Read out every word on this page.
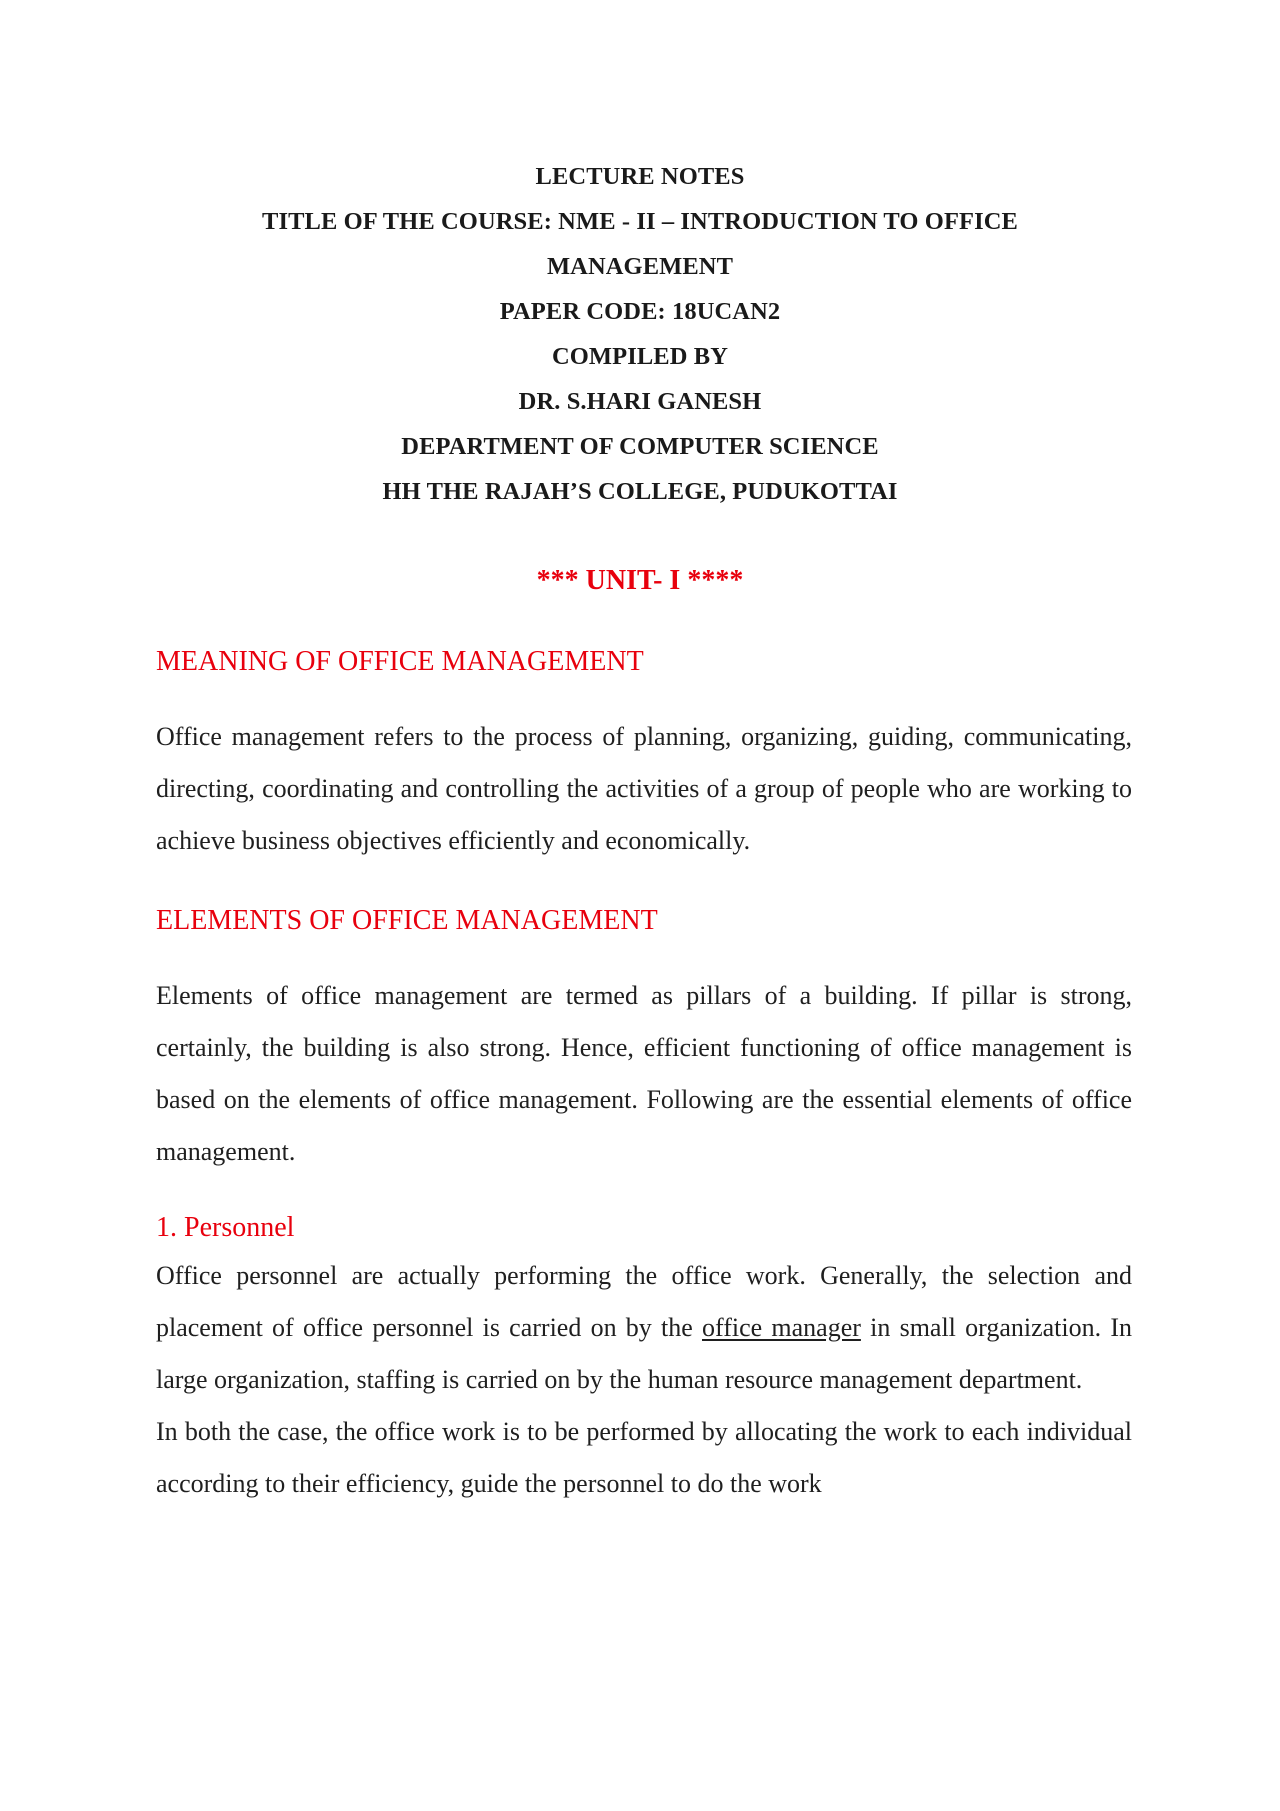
LECTURE NOTES
TITLE OF THE COURSE: NME - II – INTRODUCTION TO OFFICE
MANAGEMENT
PAPER CODE: 18UCAN2
COMPILED BY
DR. S.HARI GANESH
DEPARTMENT OF COMPUTER SCIENCE
HH THE RAJAH’S COLLEGE, PUDUKOTTAI
*** UNIT- I ****
MEANING OF OFFICE MANAGEMENT

Office management refers to the process of planning, organizing, guiding, communicating, directing, coordinating and controlling the activities of a group of people who are working to achieve business objectives efficiently and economically.

ELEMENTS OF OFFICE MANAGEMENT

Elements of office management are termed as pillars of a building. If pillar is strong, certainly, the building is also strong. Hence, efficient functioning of office management is based on the elements of office management. Following are the essential elements of office management.

1. Personnel

Office personnel are actually performing the office work. Generally, the selection and placement of office personnel is carried on by the office manager in small organization. In large organization, staffing is carried on by the human resource management department.

In both the case, the office work is to be performed by allocating the work to each individual according to their efficiency, guide the personnel to do the work
